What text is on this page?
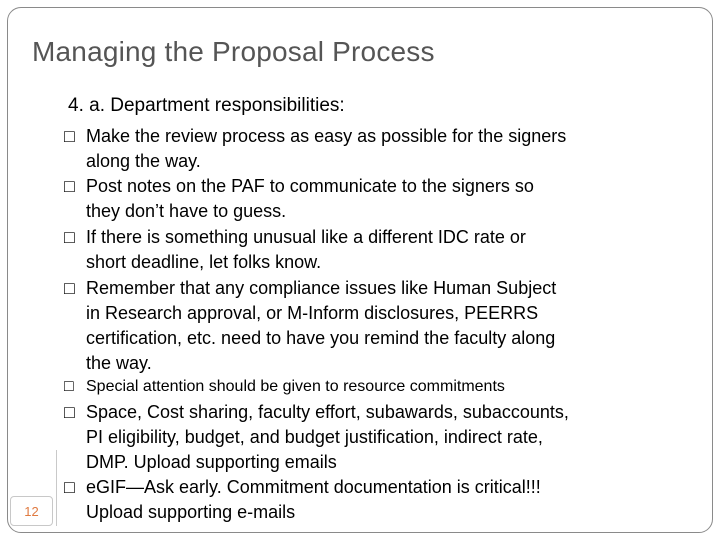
Managing the Proposal Process
4. a. Department responsibilities:
□ Make the review process as easy as possible for the signers
along the way.
□ Post notes on the PAF to communicate to the signers so
they don’t have to guess.
□ If there is something unusual like a different IDC rate or
short deadline, let folks know.
□ Remember that any compliance issues like Human Subject
in Research approval, or M-Inform disclosures, PEERRS
certification, etc. need to have you remind the faculty along
the way.
□ Special attention should be given to resource commitments
□ Space, Cost sharing, faculty effort, subawards, subaccounts,
PI eligibility, budget, and budget justification, indirect rate,
DMP. Upload supporting emails
□ eGIF—Ask early. Commitment documentation is critical!!!
Upload supporting e-mails
12
